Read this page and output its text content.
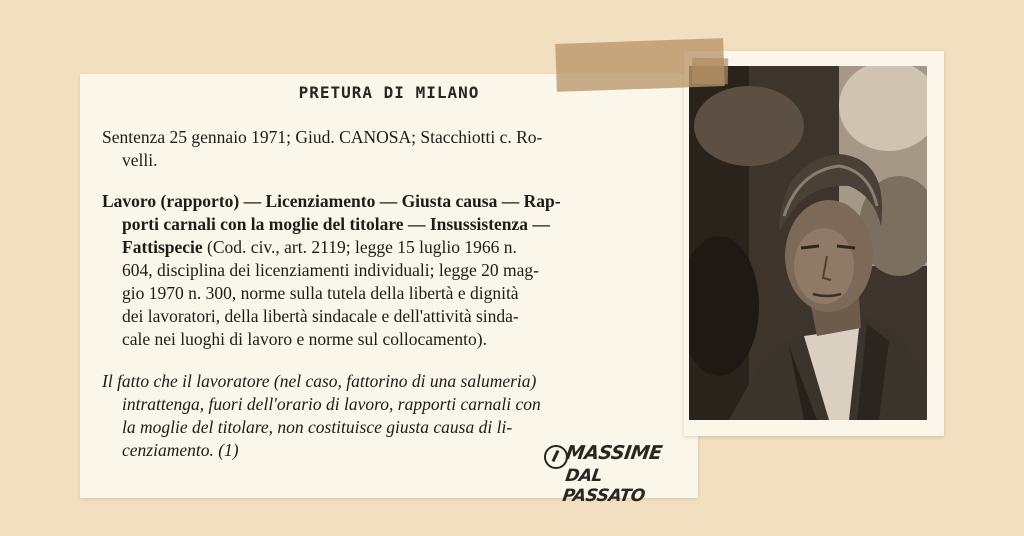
PRETURA DI MILANO
Sentenza 25 gennaio 1971; Giud. CANOSA; Stacchiotti c. Ro-
velli.
Lavoro (rapporto) — Licenziamento — Giusta causa — Rap-
porti carnali con la moglie del titolare — Insussistenza —
Fattispecie (Cod. civ., art. 2119; legge 15 luglio 1966 n.
604, disciplina dei licenziamenti individuali; legge 20 mag-
gio 1970 n. 300, norme sulla tutela della libertà e dignità
dei lavoratori, della libertà sindacale e dell'attività sinda-
cale nei luoghi di lavoro e norme sul collocamento).
Il fatto che il lavoratore (nel caso, fattorino di una salumeria)
intrattenga, fuori dell'orario di lavoro, rapporti carnali con
la moglie del titolare, non costituisce giusta causa di li-
cenziamento. (1)	MASSIME
DAL PASSATO
